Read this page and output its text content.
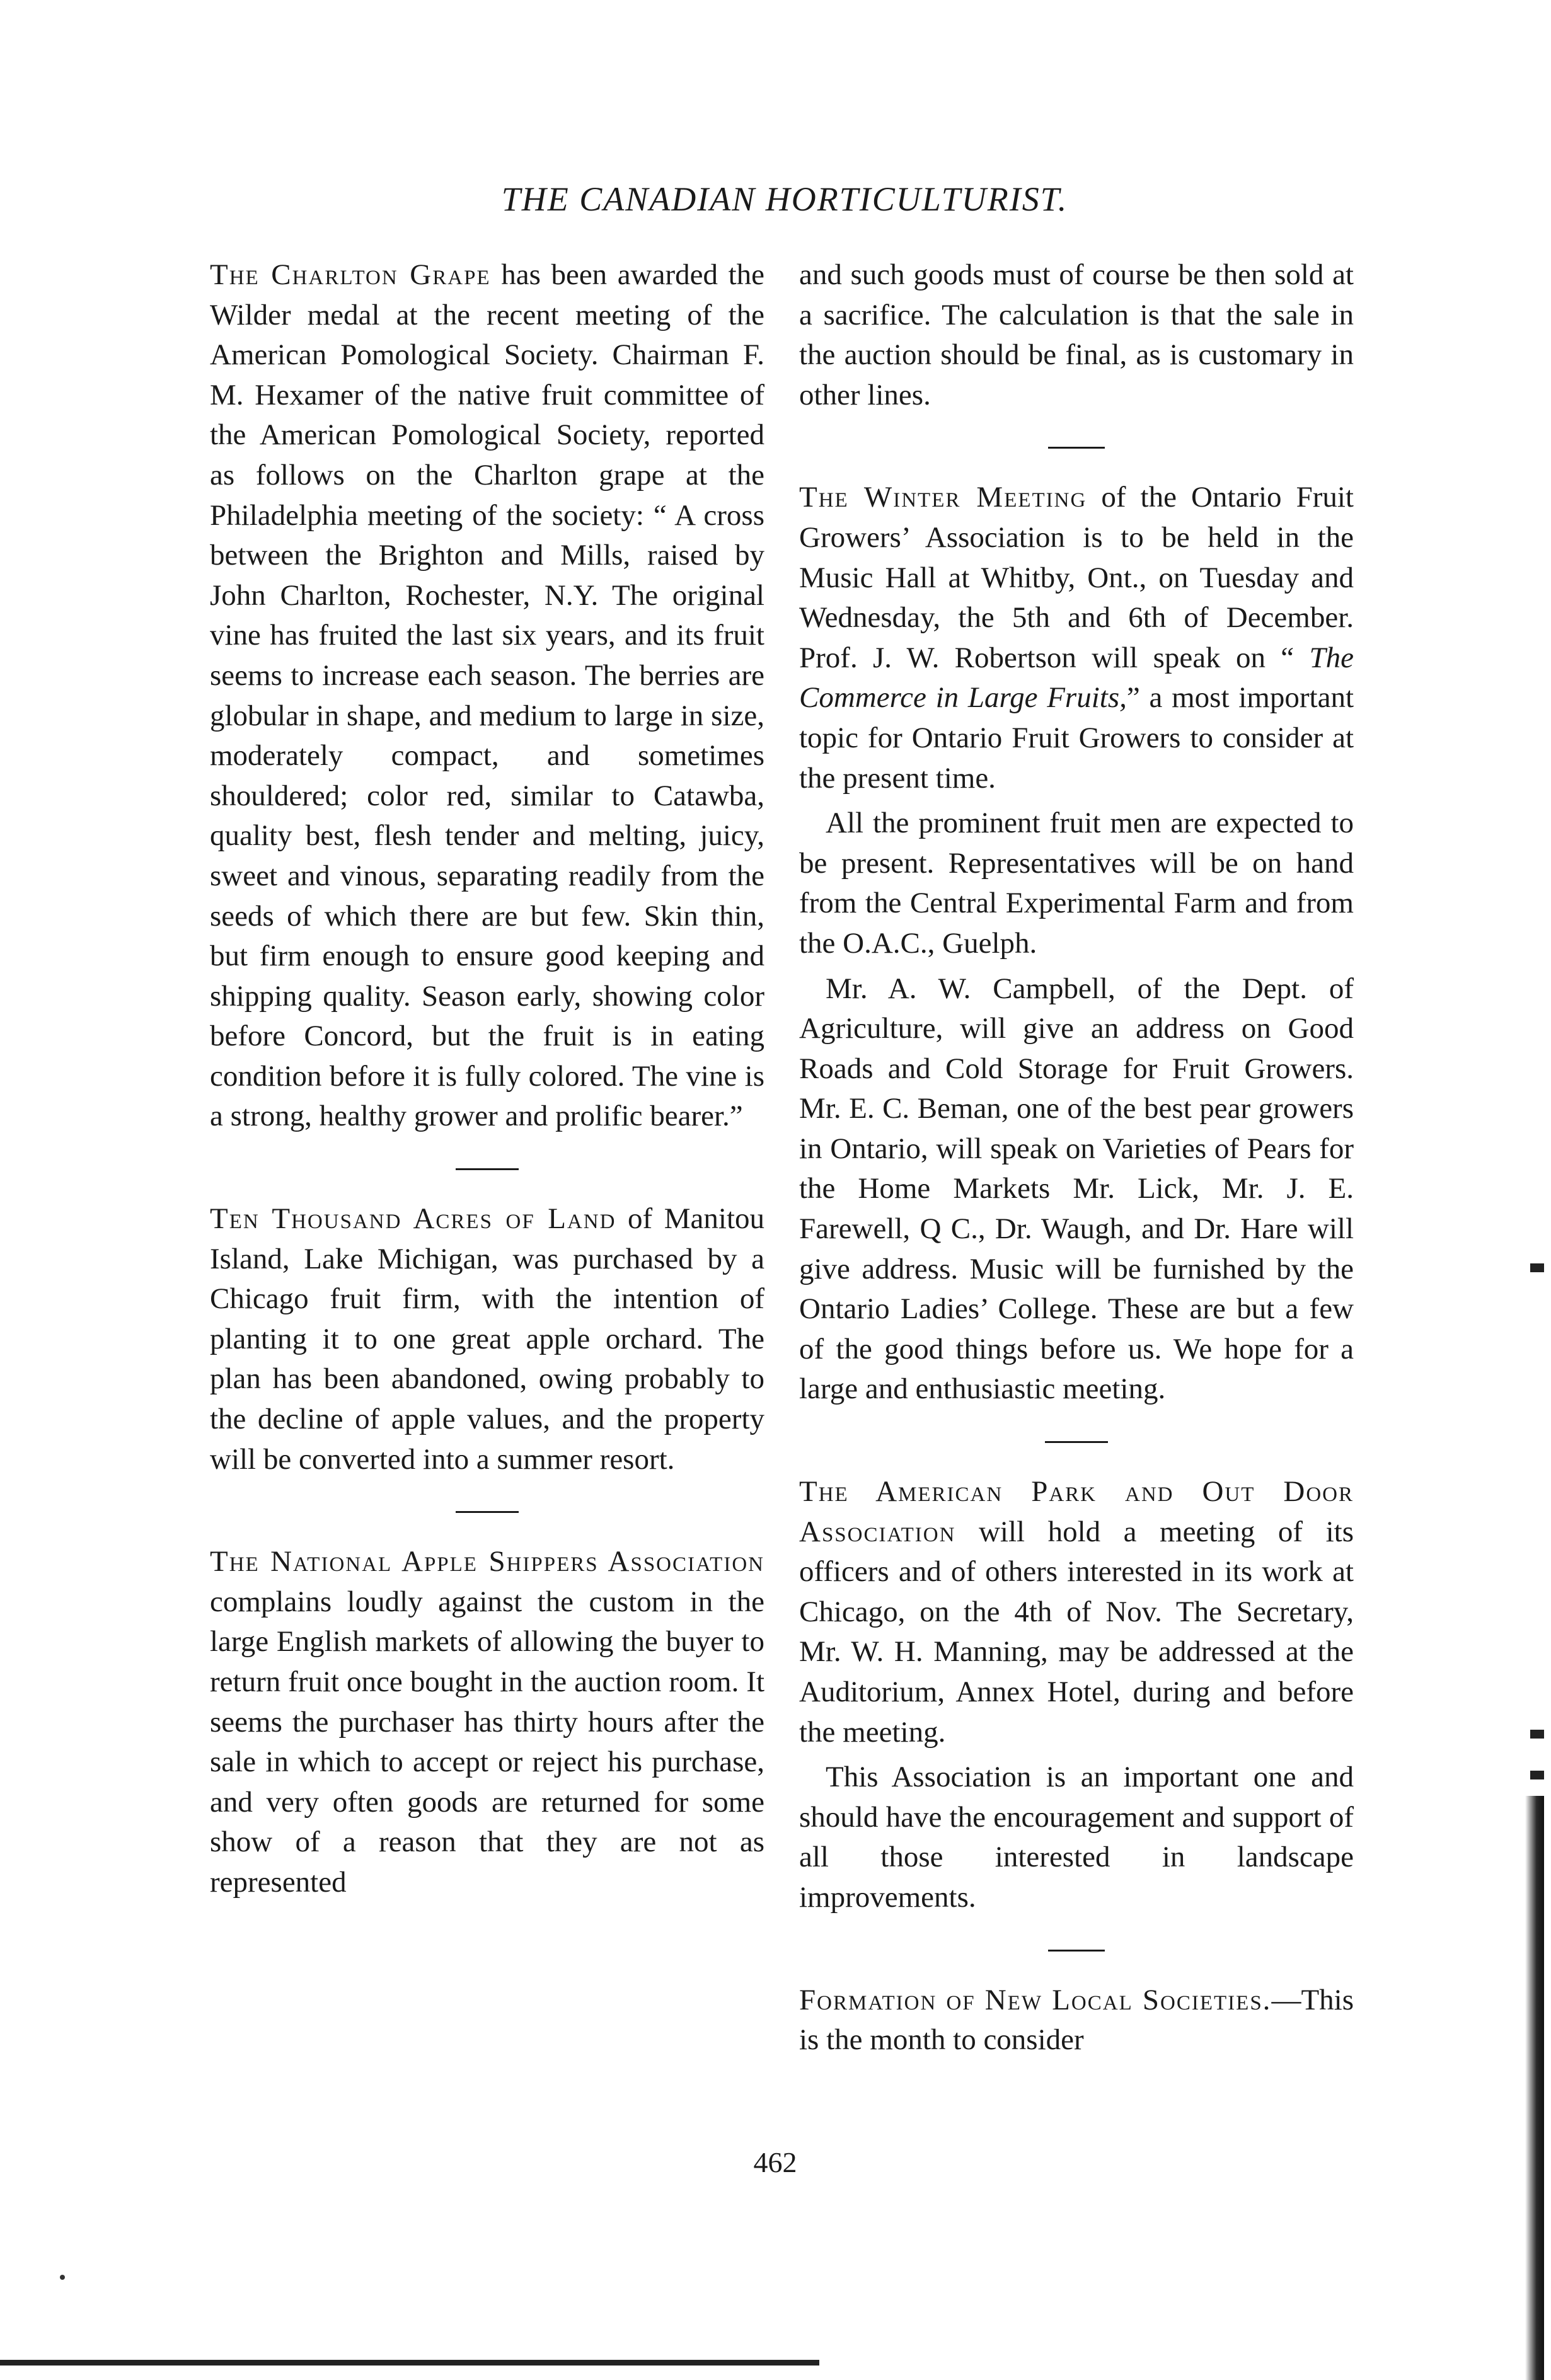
THE CANADIAN HORTICULTURIST.

The Charlton Grape has been awarded the Wilder medal at the recent meeting of the American Pomological Society. Chairman F. M. Hexamer of the native fruit committee of the American Pomological Society, reported as follows on the Charlton grape at the Philadelphia meeting of the society: “ A cross between the Brighton and Mills, raised by John Charlton, Rochester, N.Y. The original vine has fruited the last six years, and its fruit seems to increase each season. The berries are globular in shape, and medium to large in size, moderately compact, and sometimes shouldered; color red, similar to Catawba, quality best, flesh tender and melting, juicy, sweet and vinous, separating readily from the seeds of which there are but few. Skin thin, but firm enough to ensure good keeping and shipping quality. Season early, showing color before Concord, but the fruit is in eating condition before it is fully colored. The vine is a strong, healthy grower and prolific bearer.”

Ten Thousand Acres of Land of Manitou Island, Lake Michigan, was purchased by a Chicago fruit firm, with the intention of planting it to one great apple orchard. The plan has been abandoned, owing probably to the decline of apple values, and the property will be converted into a summer resort.

The National Apple Shippers Association complains loudly against the custom in the large English markets of allowing the buyer to return fruit once bought in the auction room. It seems the purchaser has thirty hours after the sale in which to accept or reject his purchase, and very often goods are returned for some show of a reason that they are not as represented

and such goods must of course be then sold at a sacrifice. The calculation is that the sale in the auction should be final, as is customary in other lines.

The Winter Meeting of the Ontario Fruit Growers’ Association is to be held in the Music Hall at Whitby, Ont., on Tuesday and Wednesday, the 5th and 6th of December. Prof. J. W. Robertson will speak on “ The Commerce in Large Fruits,” a most important topic for Ontario Fruit Growers to consider at the present time.

All the prominent fruit men are expected to be present. Representatives will be on hand from the Central Experimental Farm and from the O.A.C., Guelph.

Mr. A. W. Campbell, of the Dept. of Agriculture, will give an address on Good Roads and Cold Storage for Fruit Growers. Mr. E. C. Beman, one of the best pear growers in Ontario, will speak on Varieties of Pears for the Home Markets Mr. Lick, Mr. J. E. Farewell, Q C., Dr. Waugh, and Dr. Hare will give address. Music will be furnished by the Ontario Ladies’ College. These are but a few of the good things before us. We hope for a large and enthusiastic meeting.

The American Park and Out Door Association will hold a meeting of its officers and of others interested in its work at Chicago, on the 4th of Nov. The Secretary, Mr. W. H. Manning, may be addressed at the Auditorium, Annex Hotel, during and before the meeting.

This Association is an important one and should have the encouragement and support of all those interested in landscape improvements.

Formation of New Local Societies.—This is the month to consider

462
